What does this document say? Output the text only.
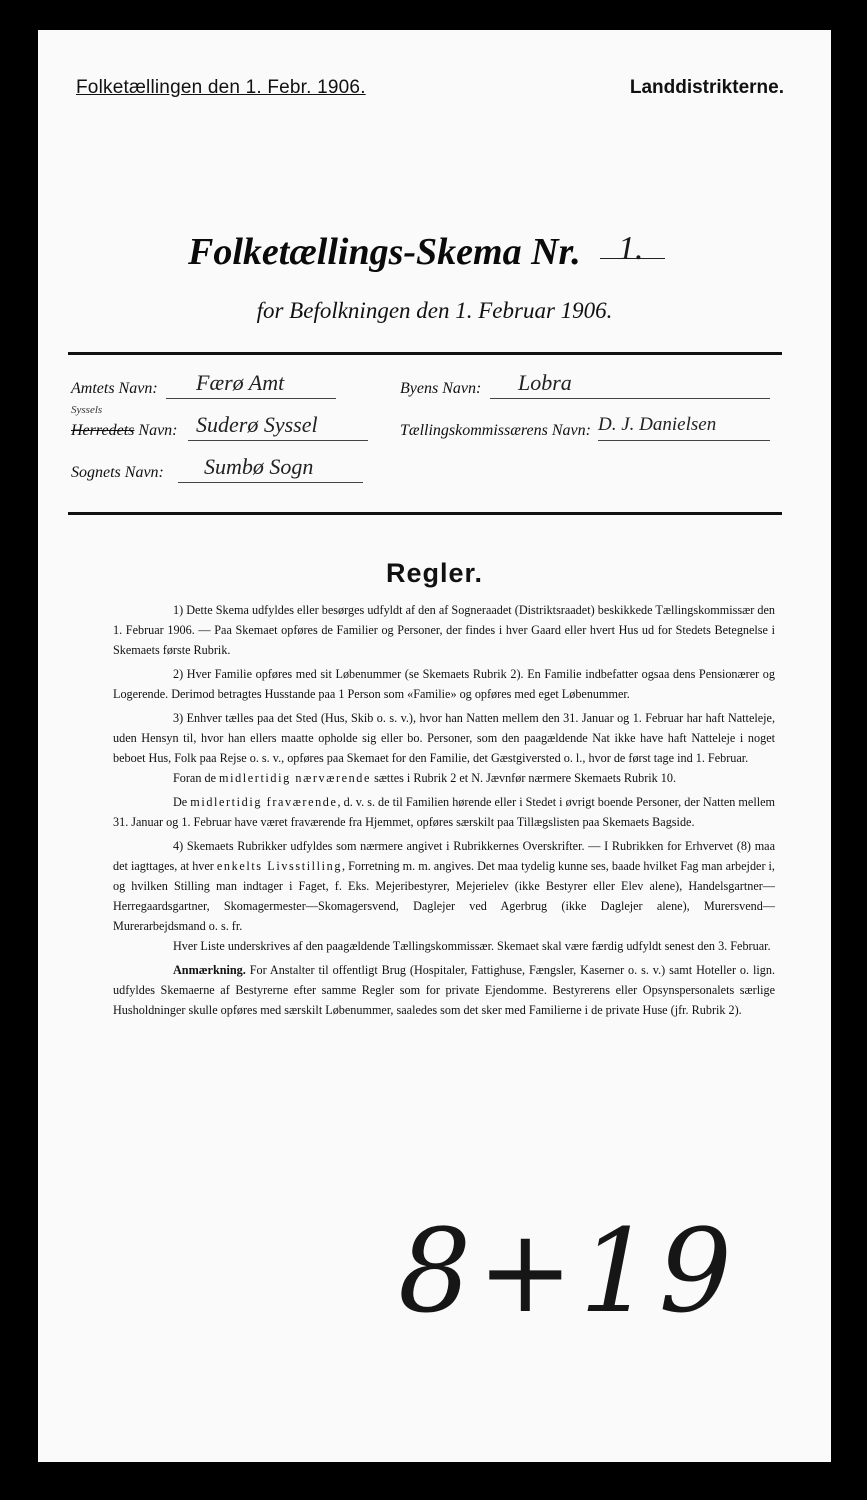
Folketællingen den 1. Febr. 1906.	Landdistrikterne.
Folketællings-Skema Nr. 1.
for Befolkningen den 1. Februar 1906.
Amtets Navn: Færø Amt	Byens Navn: Lobra
Syssels
Herredets Navn: Suderø Syssel	Tællingskommissærens Navn: D. J. Danielsen
Sognets Navn: Sumbø Sogn
Regler.

1) Dette Skema udfyldes eller besørges udfyldt af den af Sogneraadet (Distriktsraadet) beskikkede Tællingskommissær den 1. Februar 1906. — Paa Skemaet opføres de Familier og Personer, der findes i hver Gaard eller hvert Hus ud for Stedets Betegnelse i Skemaets første Rubrik.

2) Hver Familie opføres med sit Løbenummer (se Skemaets Rubrik 2). En Familie indbefatter ogsaa dens Pensionærer og Logerende. Derimod betragtes Husstande paa 1 Person som «Familie» og opføres med eget Løbenummer.

3) Enhver tælles paa det Sted (Hus, Skib o. s. v.), hvor han Natten mellem den 31. Januar og 1. Februar har haft Natteleje, uden Hensyn til, hvor han ellers maatte opholde sig eller bo. Personer, som den paagældende Nat ikke have haft Natteleje i noget beboet Hus, Folk paa Rejse o. s. v., opføres paa Skemaet for den Familie, det Gæstgiversted o. l., hvor de først tage ind 1. Februar.

Foran de midlertidig nærværende sættes i Rubrik 2 et N. Jævnfør nærmere Skemaets Rubrik 10.

De midlertidig fraværende, d. v. s. de til Familien hørende eller i Stedet i øvrigt boende Personer, der Natten mellem 31. Januar og 1. Februar have været fraværende fra Hjemmet, opføres særskilt paa Tillægslisten paa Skemaets Bagside.

4) Skemaets Rubrikker udfyldes som nærmere angivet i Rubrikkernes Overskrifter. — I Rubrikken for Erhvervet (8) maa det iagttages, at hver enkelts Livsstilling, Forretning m. m. angives. Det maa tydelig kunne ses, baade hvilket Fag man arbejder i, og hvilken Stilling man indtager i Faget, f. Eks. Mejeribestyrer, Mejerielev (ikke Bestyrer eller Elev alene), Handelsgartner—Herregaardsgartner, Skomagermester—Skomagersvend, Daglejer ved Agerbrug (ikke Daglejer alene), Murersvend—Murerarbejdsmand o. s. fr.

Hver Liste underskrives af den paagældende Tællingskommissær. Skemaet skal være færdig udfyldt senest den 3. Februar.

Anmærkning. For Anstalter til offentligt Brug (Hospitaler, Fattighuse, Fængsler, Kaserner o. s. v.) samt Hoteller o. lign. udfyldes Skemaerne af Bestyrerne efter samme Regler som for private Ejendomme. Bestyrerens eller Opsynspersonalets særlige Husholdninger skulle opføres med særskilt Løbenummer, saaledes som det sker med Familierne i de private Huse (jfr. Rubrik 2).

8+19
